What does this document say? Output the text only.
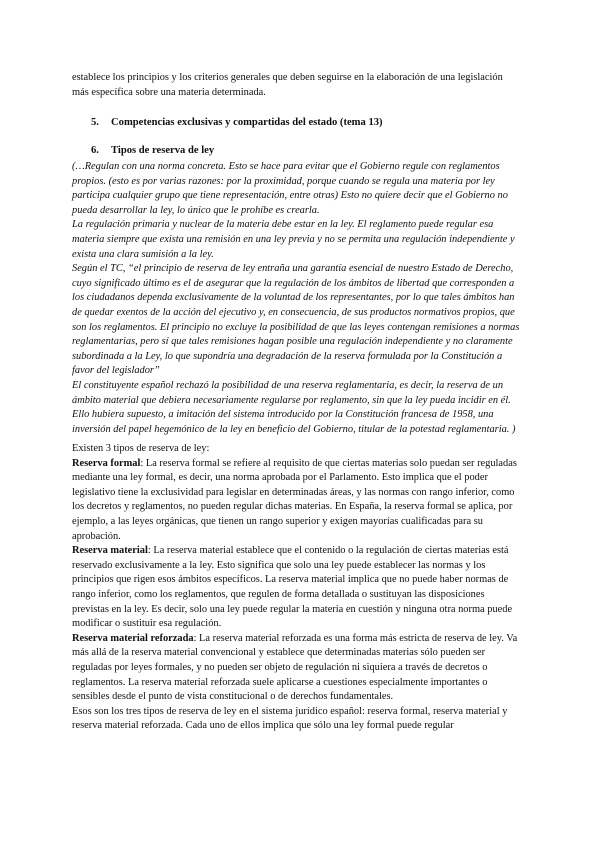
establece los principios y los criterios generales que deben seguirse en la elaboración de una legislación más específica sobre una materia determinada.

5. Competencias exclusivas y compartidas del estado (tema 13)
6. Tipos de reserva de ley

(…Regulan con una norma concreta. Esto se hace para evitar que el Gobierno regule con reglamentos propios. (esto es por varias razones: por la proximidad, porque cuando se regula una materia por ley participa cualquier grupo que tiene representación, entre otras) Esto no quiere decir que el Gobierno no pueda desarrollar la ley, lo único que le prohíbe es crearla.

La regulación primaria y nuclear de la materia debe estar en la ley. El reglamento puede regular esa materia siempre que exista una remisión en una ley previa y no se permita una regulación independiente y exista una clara sumisión a la ley.

Según el TC, “el principio de reserva de ley entraña una garantía esencial de nuestro Estado de Derecho, cuyo significado último es el de asegurar que la regulación de los ámbitos de libertad que corresponden a los ciudadanos dependa exclusivamente de la voluntad de los representantes, por lo que tales ámbitos han de quedar exentos de la acción del ejecutivo y, en consecuencia, de sus productos normativos propios, que son los reglamentos. El principio no excluye la posibilidad de que las leyes contengan remisiones a normas reglamentarias, pero sí que tales remisiones hagan posible una regulación independiente y no claramente subordinada a la Ley, lo que supondría una degradación de la reserva formulada por la Constitución a favor del legislador”

El constituyente español rechazó la posibilidad de una reserva reglamentaria, es decir, la reserva de un ámbito material que debiera necesariamente regularse por reglamento, sin que la ley pueda incidir en él. Ello hubiera supuesto, a imitación del sistema introducido por la Constitución francesa de 1958, una inversión del papel hegemónico de la ley en beneficio del Gobierno, titular de la potestad reglamentaria. )

Existen 3 tipos de reserva de ley:

Reserva formal: La reserva formal se refiere al requisito de que ciertas materias solo puedan ser reguladas mediante una ley formal, es decir, una norma aprobada por el Parlamento. Esto implica que el poder legislativo tiene la exclusividad para legislar en determinadas áreas, y las normas con rango inferior, como los decretos y reglamentos, no pueden regular dichas materias. En España, la reserva formal se aplica, por ejemplo, a las leyes orgánicas, que tienen un rango superior y exigen mayorías cualificadas para su aprobación.

Reserva material: La reserva material establece que el contenido o la regulación de ciertas materias está reservado exclusivamente a la ley. Esto significa que solo una ley puede establecer las normas y los principios que rigen esos ámbitos específicos. La reserva material implica que no puede haber normas de rango inferior, como los reglamentos, que regulen de forma detallada o sustituyan las disposiciones previstas en la ley. Es decir, solo una ley puede regular la materia en cuestión y ninguna otra norma puede modificar o sustituir esa regulación.

Reserva material reforzada: La reserva material reforzada es una forma más estricta de reserva de ley. Va más allá de la reserva material convencional y establece que determinadas materias sólo pueden ser reguladas por leyes formales, y no pueden ser objeto de regulación ni siquiera a través de decretos o reglamentos. La reserva material reforzada suele aplicarse a cuestiones especialmente importantes o sensibles desde el punto de vista constitucional o de derechos fundamentales.

Esos son los tres tipos de reserva de ley en el sistema jurídico español: reserva formal, reserva material y reserva material reforzada. Cada uno de ellos implica que sólo una ley formal puede regular
